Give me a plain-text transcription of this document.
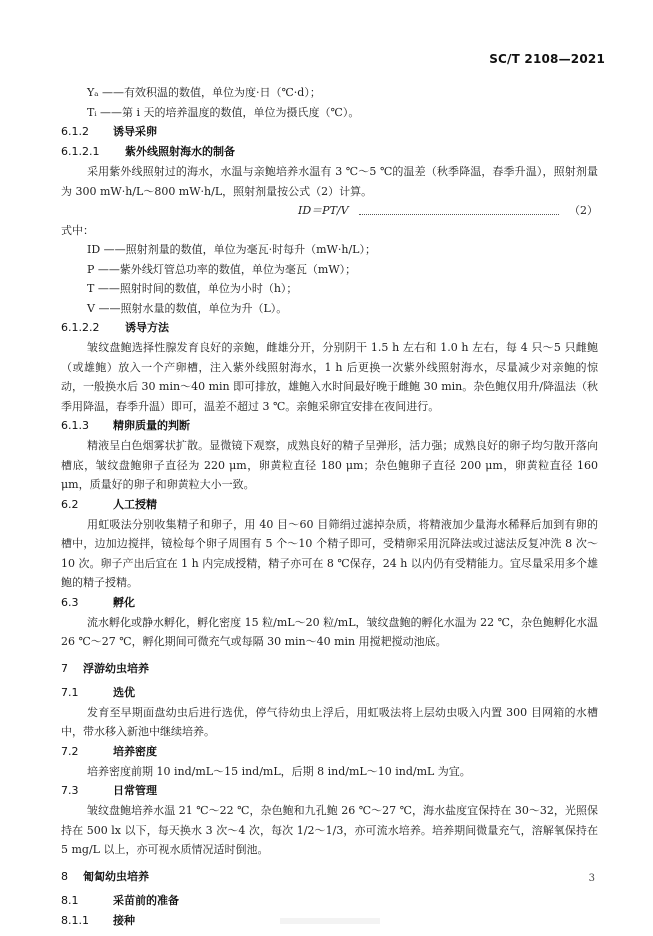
SC/T 2108—2021
Yₐ ——有效积温的数值，单位为度·日（℃·d）；
Tᵢ ——第 i 天的培养温度的数值，单位为摄氏度（℃）。
6.1.2 诱导采卵
6.1.2.1 紫外线照射海水的制备
采用紫外线照射过的海水，水温与亲鲍培养水温有 3 ℃～5 ℃的温差（秋季降温，春季升温），照射剂量为 300 mW·h/L～800 mW·h/L，照射剂量按公式（2）计算。
ID＝PT/V	（2）
式中：
ID ——照射剂量的数值，单位为毫瓦·时每升（mW·h/L）；
P ——紫外线灯管总功率的数值，单位为毫瓦（mW）；
T ——照射时间的数值，单位为小时（h）；
V ——照射水量的数值，单位为升（L）。
6.1.2.2 诱导方法
皱纹盘鲍选择性腺发育良好的亲鲍，雌雄分开，分别阴干 1.5 h 左右和 1.0 h 左右，每 4 只～5 只雌鲍（或雄鲍）放入一个产卵槽，注入紫外线照射海水，1 h 后更换一次紫外线照射海水，尽量减少对亲鲍的惊动，一般换水后 30 min～40 min 即可排放，雄鲍入水时间最好晚于雌鲍 30 min。杂色鲍仅用升/降温法（秋季用降温，春季升温）即可，温差不超过 3 ℃。亲鲍采卵宜安排在夜间进行。
6.1.3 精卵质量的判断
精液呈白色烟雾状扩散。显微镜下观察，成熟良好的精子呈弹形，活力强；成熟良好的卵子均匀散开落向槽底，皱纹盘鲍卵子直径为 220 μm，卵黄粒直径 180 μm；杂色鲍卵子直径 200 μm，卵黄粒直径 160 μm，质量好的卵子和卵黄粒大小一致。
6.2	人工授精
用虹吸法分别收集精子和卵子，用 40 目～60 目筛绢过滤掉杂质，将精液加少量海水稀释后加到有卵的槽中，边加边搅拌，镜检每个卵子周围有 5 个～10 个精子即可，受精卵采用沉降法或过滤法反复冲洗 8 次～10 次。卵子产出后宜在 1 h 内完成授精，精子亦可在 8 ℃保存，24 h 以内仍有受精能力。宜尽量采用多个雄鲍的精子授精。
6.3	孵化
流水孵化或静水孵化，孵化密度 15 粒/mL～20 粒/mL，皱纹盘鲍的孵化水温为 22 ℃，杂色鲍孵化水温 26 ℃～27 ℃，孵化期间可微充气或每隔 30 min～40 min 用搅耙搅动池底。
7 浮游幼虫培养
7.1	选优
发育至早期面盘幼虫后进行选优，停气待幼虫上浮后，用虹吸法将上层幼虫吸入内置 300 目网箱的水槽中，带水移入新池中继续培养。
7.2	培养密度
培养密度前期 10 ind/mL～15 ind/mL，后期 8 ind/mL～10 ind/mL 为宜。
7.3	日常管理
皱纹盘鲍培养水温 21 ℃～22 ℃，杂色鲍和九孔鲍 26 ℃～27 ℃，海水盐度宜保持在 30～32，光照保持在 500 lx 以下，每天换水 3 次～4 次，每次 1/2～1/3，亦可流水培养。培养期间微量充气，溶解氧保持在 5 mg/L 以上，亦可视水质情况适时倒池。
8 匍匐幼虫培养
8.1	采苗前的准备
8.1.1 接种
3
